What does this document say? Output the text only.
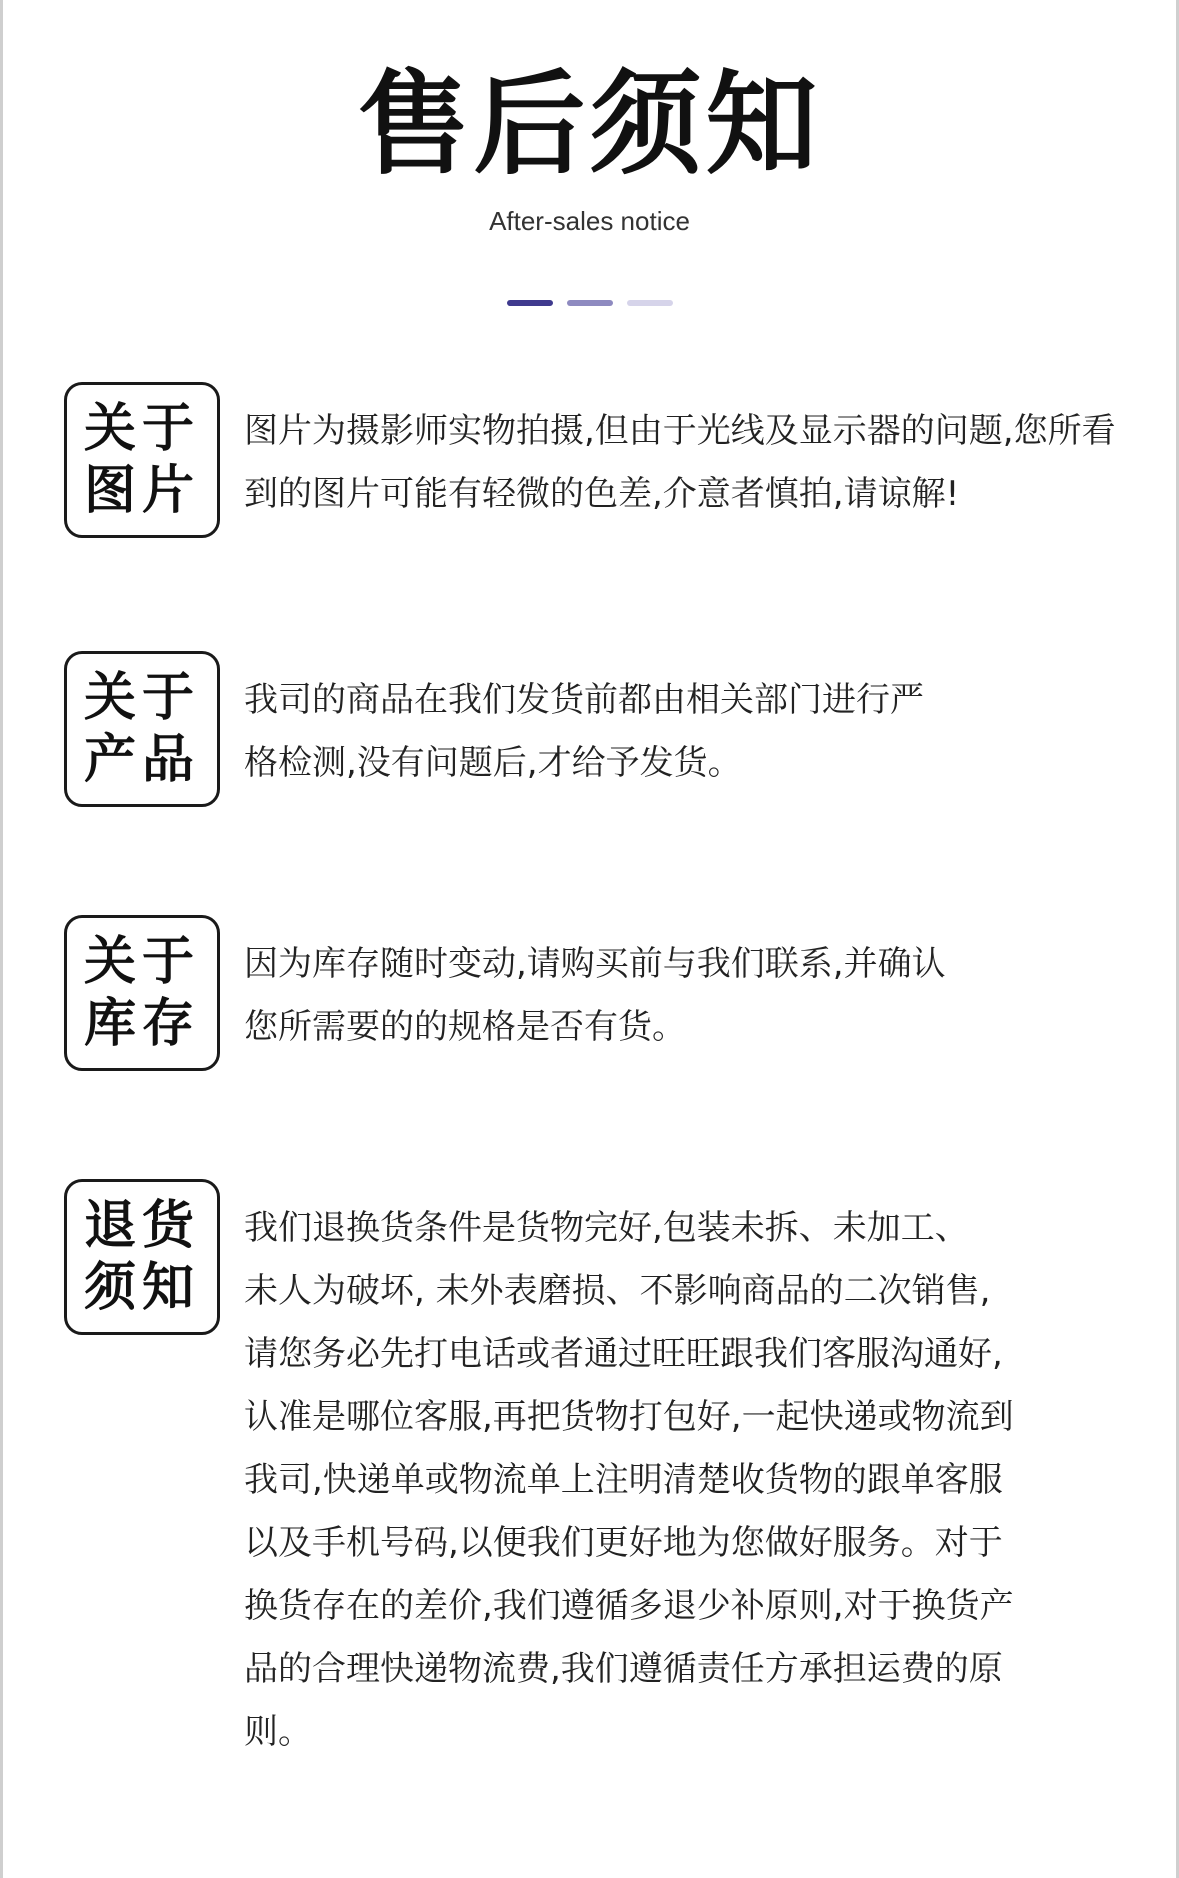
售后须知
After-sales notice
关于
图片
图片为摄影师实物拍摄,但由于光线及显示器的问题,您所看
到的图片可能有轻微的色差,介意者慎拍,请谅解!
关于
产品
我司的商品在我们发货前都由相关部门进行严
格检测,没有问题后,才给予发货。
关于
库存
因为库存随时变动,请购买前与我们联系,并确认
您所需要的的规格是否有货。
退货
须知
我们退换货条件是货物完好,包装未拆、未加工、
未人为破坏, 未外表磨损、不影响商品的二次销售,
请您务必先打电话或者通过旺旺跟我们客服沟通好,
认准是哪位客服,再把货物打包好,一起快递或物流到
我司,快递单或物流单上注明清楚收货物的跟单客服
以及手机号码,以便我们更好地为您做好服务。对于
换货存在的差价,我们遵循多退少补原则,对于换货产
品的合理快递物流费,我们遵循责任方承担运费的原
则。
